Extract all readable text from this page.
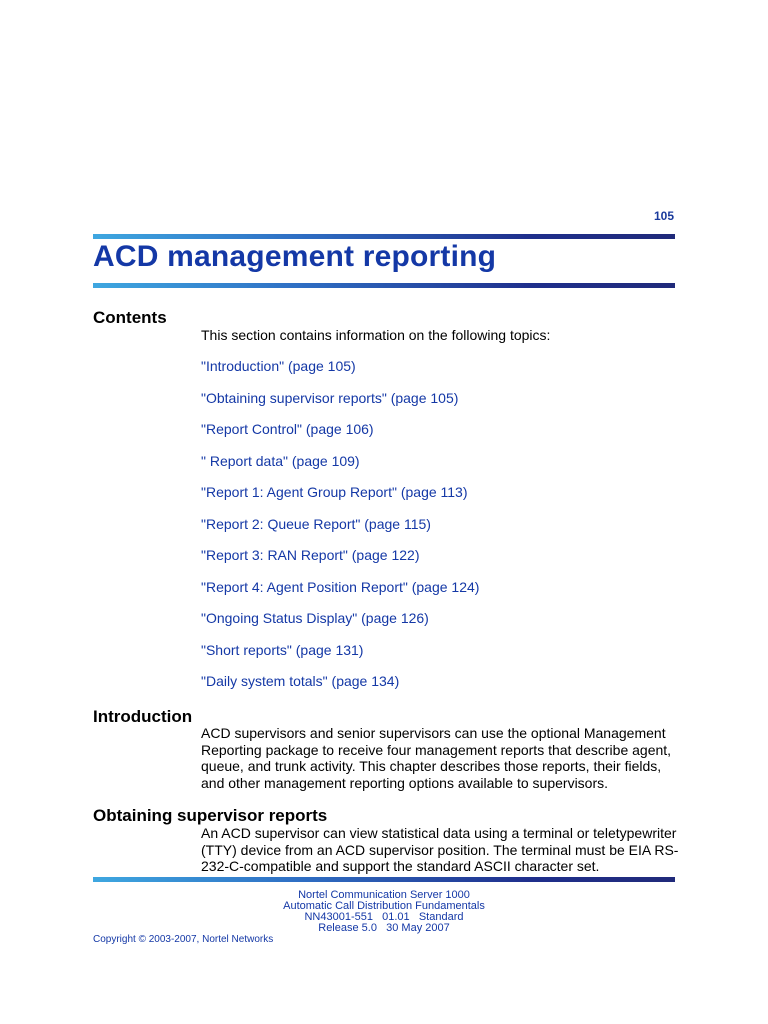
105
ACD management reporting
Contents

This section contains information on the following topics:

"Introduction" (page 105)
"Obtaining supervisor reports" (page 105)
"Report Control" (page 106)
" Report data" (page 109)
"Report 1: Agent Group Report" (page 113)
"Report 2: Queue Report" (page 115)
"Report 3: RAN Report" (page 122)
"Report 4: Agent Position Report" (page 124)
"Ongoing Status Display" (page 126)
"Short reports" (page 131)
"Daily system totals" (page 134)
Introduction

ACD supervisors and senior supervisors can use the optional Management Reporting package to receive four management reports that describe agent, queue, and trunk activity. This chapter describes those reports, their fields, and other management reporting options available to supervisors.

Obtaining supervisor reports

An ACD supervisor can view statistical data using a terminal or teletypewriter (TTY) device from an ACD supervisor position. The terminal must be EIA RS-232-C-compatible and support the standard ASCII character set.

Nortel Communication Server 1000
Automatic Call Distribution Fundamentals
NN43001-551   01.01   Standard
Release 5.0   30 May 2007
Copyright © 2003-2007, Nortel Networks
